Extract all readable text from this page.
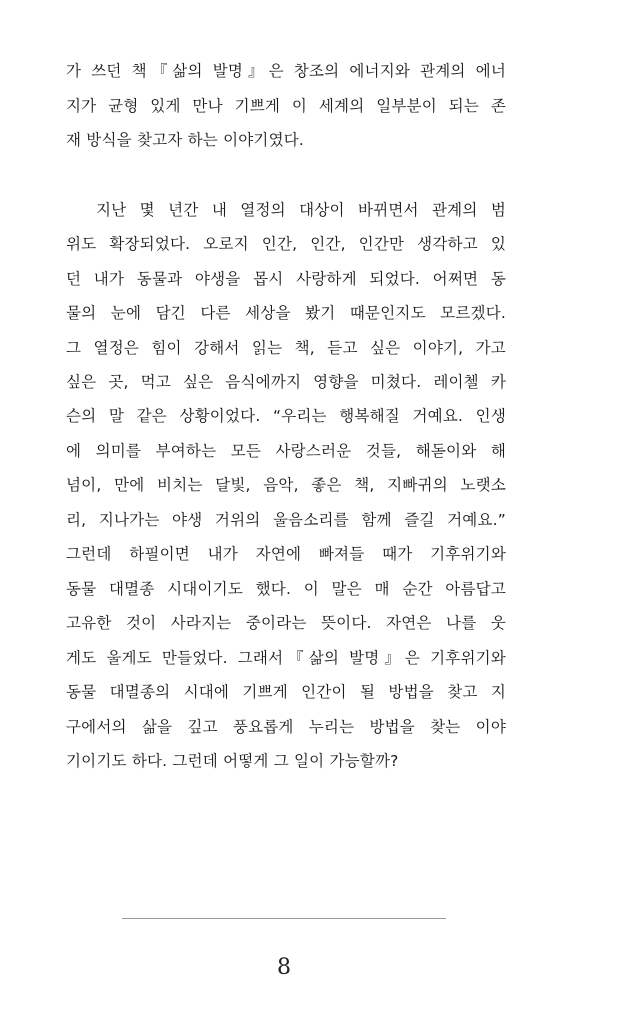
가 쓰던 책『삶의 발명』은 창조의 에너지와 관계의 에너
지가 균형 있게 만나 기쁘게 이 세계의 일부분이 되는 존
재 방식을 찾고자 하는 이야기였다.
지난 몇 년간 내 열정의 대상이 바뀌면서 관계의 범
위도 확장되었다. 오로지 인간, 인간, 인간만 생각하고 있
던 내가 동물과 야생을 몹시 사랑하게 되었다. 어쩌면 동
물의 눈에 담긴 다른 세상을 봤기 때문인지도 모르겠다.
그 열정은 힘이 강해서 읽는 책, 듣고 싶은 이야기, 가고
싶은 곳, 먹고 싶은 음식에까지 영향을 미쳤다. 레이첼 카
슨의 말 같은 상황이었다. “우리는 행복해질 거예요. 인생
에 의미를 부여하는 모든 사랑스러운 것들, 해돋이와 해
넘이, 만에 비치는 달빛, 음악, 좋은 책, 지빠귀의 노랫소
리, 지나가는 야생 거위의 울음소리를 함께 즐길 거예요.”
그런데 하필이면 내가 자연에 빠져들 때가 기후위기와
동물 대멸종 시대이기도 했다. 이 말은 매 순간 아름답고
고유한 것이 사라지는 중이라는 뜻이다. 자연은 나를 웃
게도 울게도 만들었다. 그래서『삶의 발명』은 기후위기와
동물 대멸종의 시대에 기쁘게 인간이 될 방법을 찾고 지
구에서의 삶을 깊고 풍요롭게 누리는 방법을 찾는 이야
기이기도 하다. 그런데 어떻게 그 일이 가능할까?
8
